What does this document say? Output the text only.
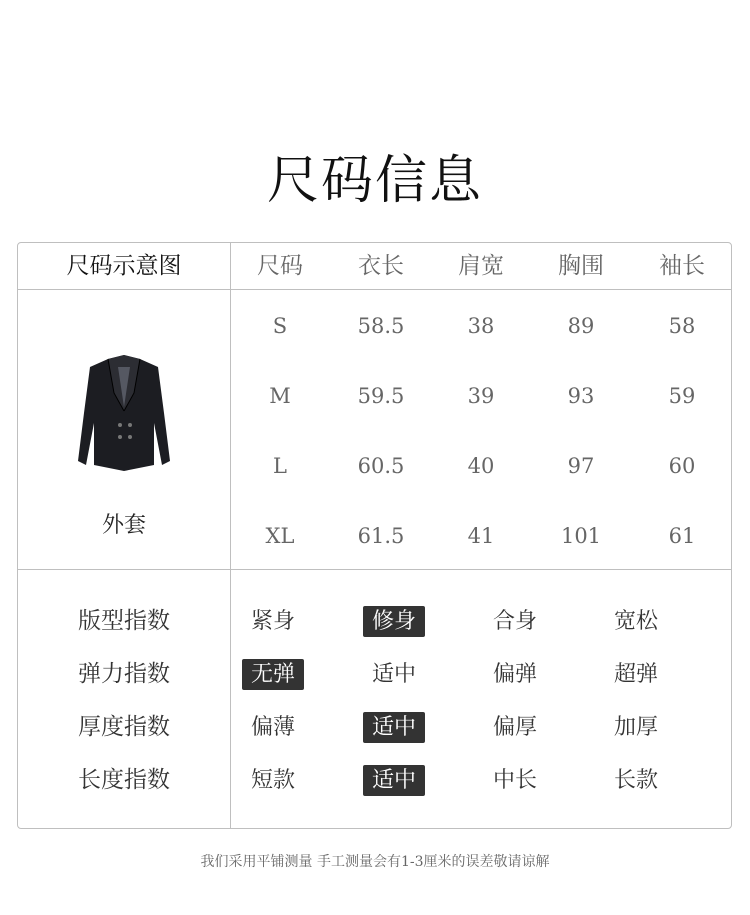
尺码信息
尺码示意图	尺码	衣长	肩宽	胸围	袖长
外套
S	58.5	38	89	58
M	59.5	39	93	59
L	60.5	40	97	60
XL	61.5	41	101	61
版型指数	紧身	修身	合身	宽松
弹力指数	无弹	适中	偏弹	超弹
厚度指数	偏薄	适中	偏厚	加厚
长度指数	短款	适中	中长	长款
我们采用平铺测量 手工测量会有1-3厘米的误差敬请谅解
